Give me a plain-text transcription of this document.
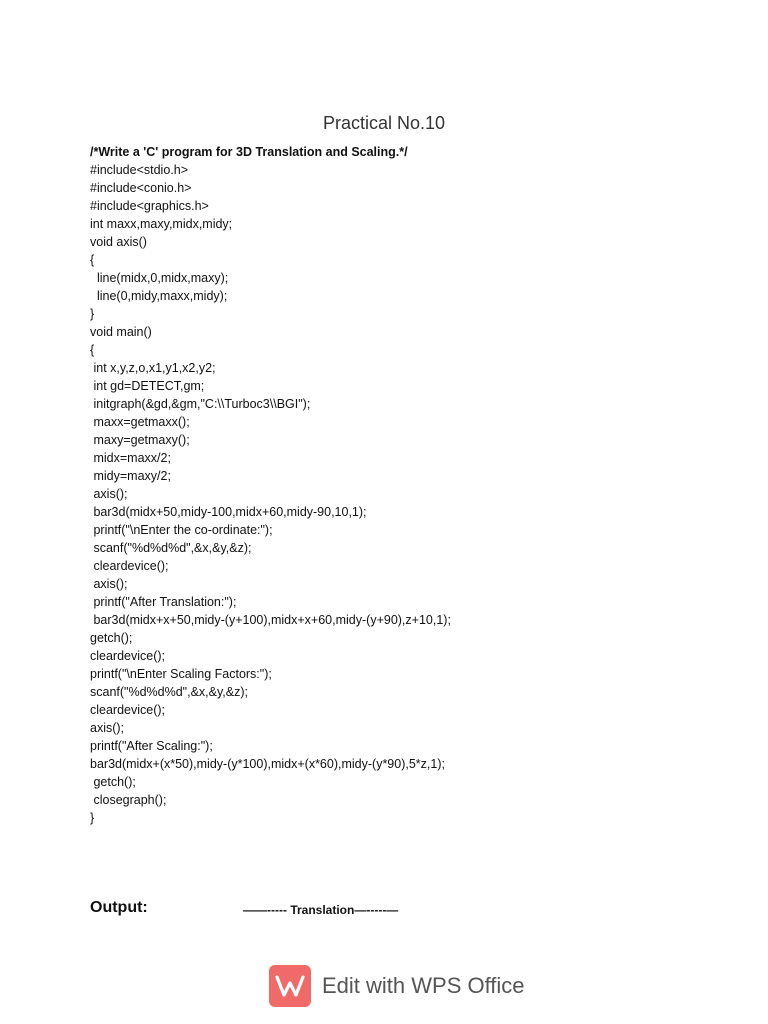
Practical No.10
/*Write a 'C' program for 3D Translation and Scaling.*/
#include<stdio.h>
#include<conio.h>
#include<graphics.h>
int maxx,maxy,midx,midy;
void axis()
{
line(midx,0,midx,maxy);
line(0,midy,maxx,midy);
}
void main()
{
int x,y,z,o,x1,y1,x2,y2;
int gd=DETECT,gm;
initgraph(&gd,&gm,"C:\\Turboc3\\BGI");
maxx=getmaxx();
maxy=getmaxy();
midx=maxx/2;
midy=maxy/2;
axis();
bar3d(midx+50,midy-100,midx+60,midy-90,10,1);
printf("\nEnter the co-ordinate:");
scanf("%d%d%d",&x,&y,&z);
cleardevice();
axis();
printf("After Translation:");
bar3d(midx+x+50,midy-(y+100),midx+x+60,midy-(y+90),z+10,1);
getch();
cleardevice();
printf("\nEnter Scaling Factors:");
scanf("%d%d%d",&x,&y,&z);
cleardevice();
axis();
printf("After Scaling:");
bar3d(midx+(x*50),midy-(y*100),midx+(x*60),midy-(y*90),5*z,1);
getch();
closegraph();
}
Output:	——----- Translation—-----—
Edit with WPS Office
